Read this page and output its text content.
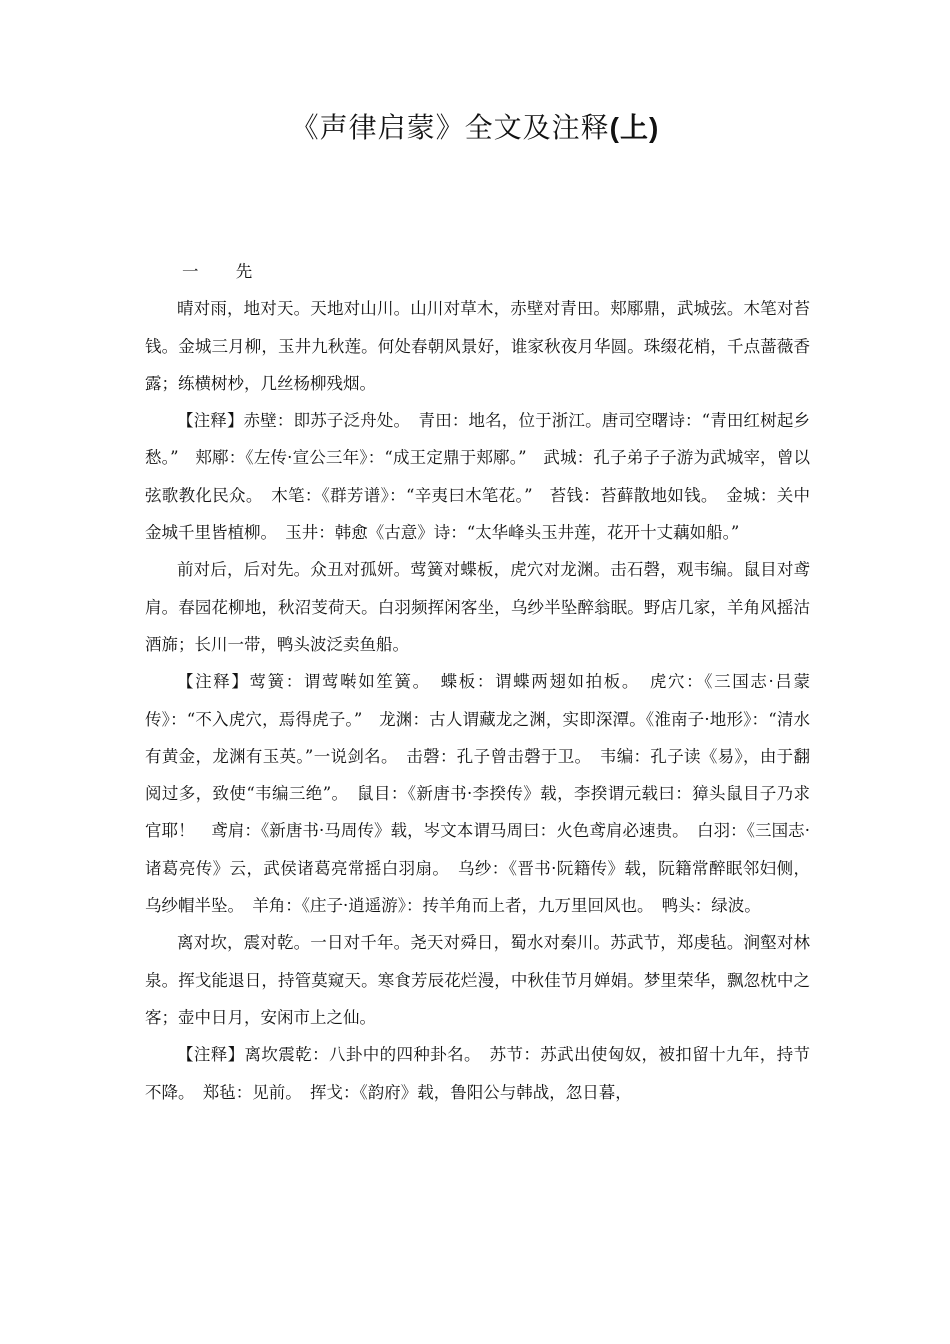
《声律启蒙》全文及注释(上)

一 先

晴对雨，地对天。天地对山川。山川对草木，赤壁对青田。郏鄏鼎，武城弦。木笔对苔钱。金城三月柳，玉井九秋莲。何处春朝风景好，谁家秋夜月华圆。珠缀花梢，千点蔷薇香露；练横树杪，几丝杨柳残烟。

【注释】赤壁：即苏子泛舟处。　青田：地名，位于浙江。唐司空曙诗：“青田红树起乡愁。”　郏鄏：《左传·宣公三年》：“成王定鼎于郏鄏。”　武城：孔子弟子子游为武城宰，曾以弦歌教化民众。　木笔：《群芳谱》：“辛夷曰木笔花。”　苔钱：苔藓散地如钱。　金城：关中金城千里皆植柳。　玉井：韩愈《古意》诗：“太华峰头玉井莲，花开十丈藕如船。”

前对后，后对先。众丑对孤妍。莺簧对蝶板，虎穴对龙渊。击石磬，观韦编。鼠目对鸢肩。春园花柳地，秋沼芰荷天。白羽频挥闲客坐，乌纱半坠醉翁眠。野店几家，羊角风摇沽酒旆；长川一带，鸭头波泛卖鱼船。

【注释】莺簧：谓莺啭如笙簧。　蝶板：谓蝶两翅如拍板。　虎穴：《三国志·吕蒙传》：“不入虎穴，焉得虎子。”　龙渊：古人谓藏龙之渊，实即深潭。《淮南子·地形》：“清水有黄金，龙渊有玉英。”一说剑名。　击磬：孔子曾击磬于卫。　韦编：孔子读《易》，由于翻阅过多，致使“韦编三绝”。　鼠目：《新唐书·李揆传》载，李揆谓元载曰：獐头鼠目子乃求官耶！　鸢肩：《新唐书·马周传》载，岑文本谓马周曰：火色鸢肩必速贵。　白羽：《三国志·诸葛亮传》云，武侯诸葛亮常摇白羽扇。　乌纱：《晋书·阮籍传》载，阮籍常醉眠邻妇侧，乌纱帽半坠。　羊角：《庄子·逍遥游》：抟羊角而上者，九万里回风也。　鸭头：绿波。

离对坎，震对乾。一日对千年。尧天对舜日，蜀水对秦川。苏武节，郑虔毡。涧壑对林泉。挥戈能退日，持管莫窥天。寒食芳辰花烂漫，中秋佳节月婵娟。梦里荣华，飘忽枕中之客；壶中日月，安闲市上之仙。

【注释】离坎震乾：八卦中的四种卦名。　苏节：苏武出使匈奴，被扣留十九年，持节不降。　郑毡：见前。　挥戈：《韵府》载，鲁阳公与韩战，忽日暮，
